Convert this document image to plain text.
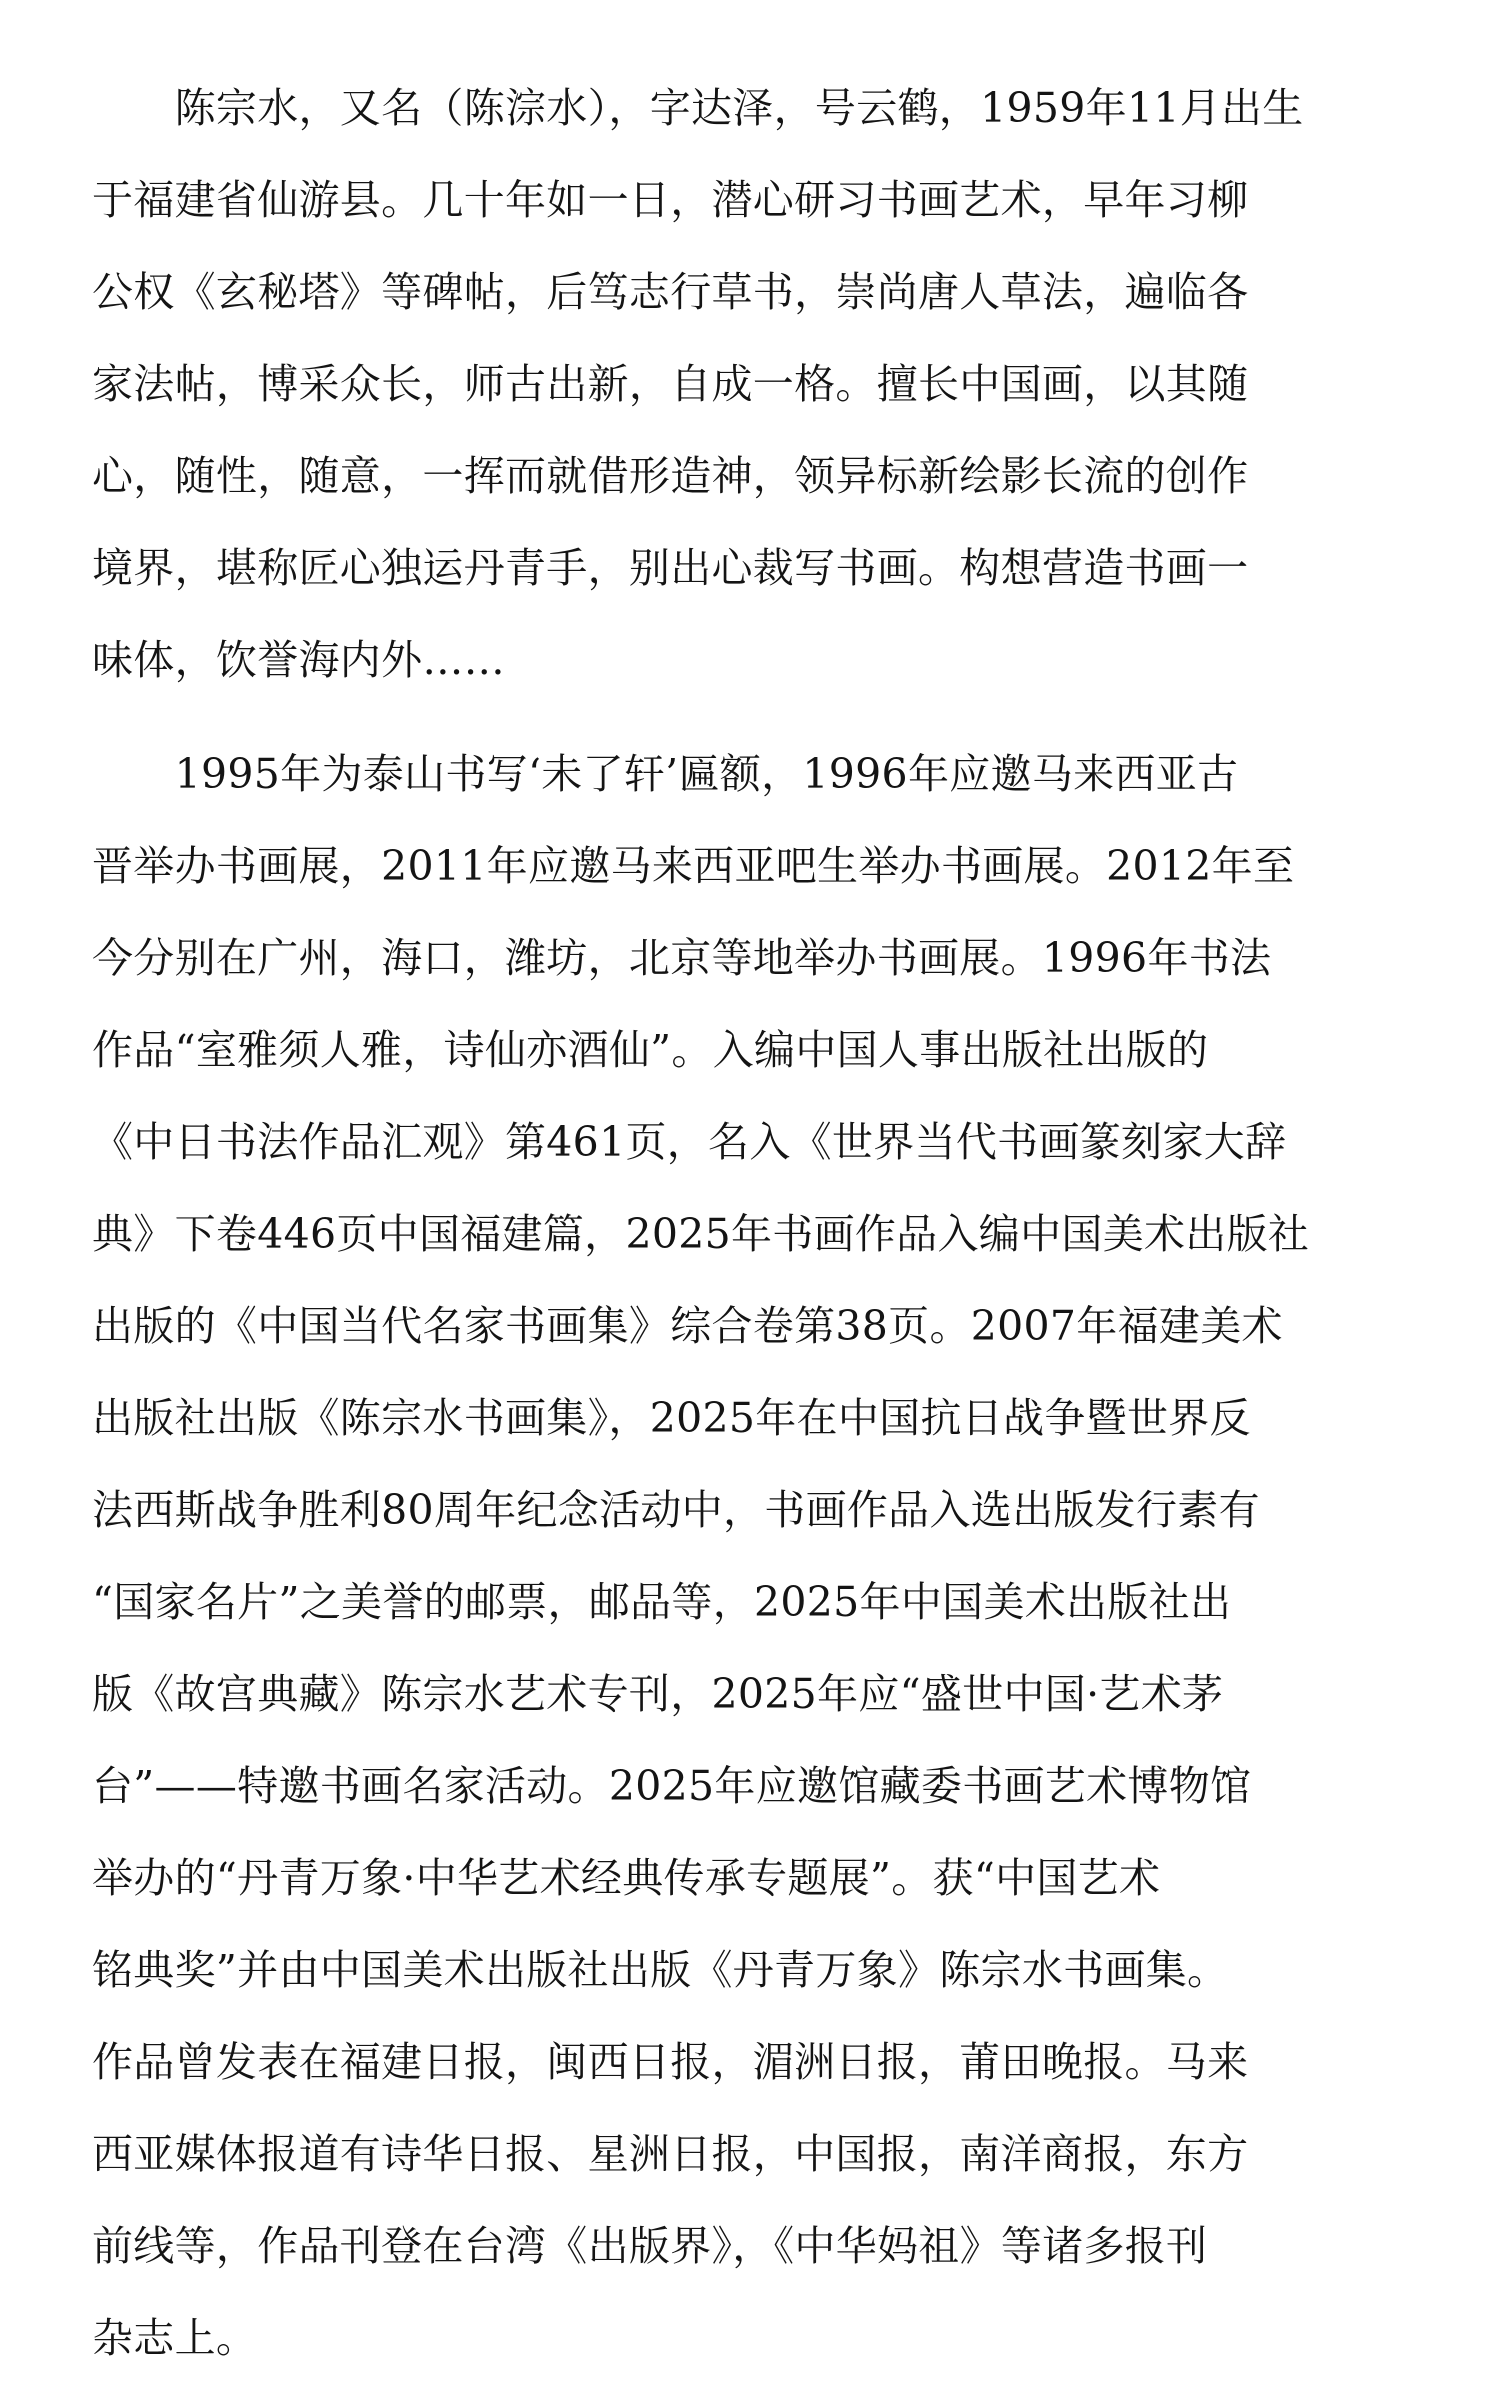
　　陈宗水，又名（陈淙水），字达泽，号云鹤，1959年11月出生
于福建省仙游县。几十年如一日，潜心研习书画艺术，早年习柳
公权《玄秘塔》等碑帖，后笃志行草书，崇尚唐人草法，遍临各
家法帖，博采众长，师古出新，自成一格。擅长中国画，以其随
心，随性，随意，一挥而就借形造神，领异标新绘影长流的创作
境界，堪称匠心独运丹青手，别出心裁写书画。构想营造书画一
味体，饮誉海内外……
　　1995年为泰山书写‘未了轩’匾额，1996年应邀马来西亚古
晋举办书画展，2011年应邀马来西亚吧生举办书画展。2012年至
今分别在广州，海口，潍坊，北京等地举办书画展。1996年书法
作品“室雅须人雅，诗仙亦酒仙”。入编中国人事出版社出版的
《中日书法作品汇观》第461页，名入《世界当代书画篆刻家大辞
典》下卷446页中国福建篇，2025年书画作品入编中国美术出版社
出版的《中国当代名家书画集》综合卷第38页。2007年福建美术
出版社出版《陈宗水书画集》，2025年在中国抗日战争暨世界反
法西斯战争胜利80周年纪念活动中，书画作品入选出版发行素有
“国家名片”之美誉的邮票，邮品等，2025年中国美术出版社出
版《故宫典藏》陈宗水艺术专刊，2025年应“盛世中国·艺术茅
台”——特邀书画名家活动。2025年应邀馆藏委书画艺术博物馆
举办的“丹青万象·中华艺术经典传承专题展”。获“中国艺术
铭典奖”并由中国美术出版社出版《丹青万象》陈宗水书画集。
作品曾发表在福建日报，闽西日报，湄洲日报，莆田晚报。马来
西亚媒体报道有诗华日报、星洲日报，中国报，南洋商报，东方
前线等，作品刊登在台湾《出版界》，《中华妈祖》等诸多报刊
杂志上。
